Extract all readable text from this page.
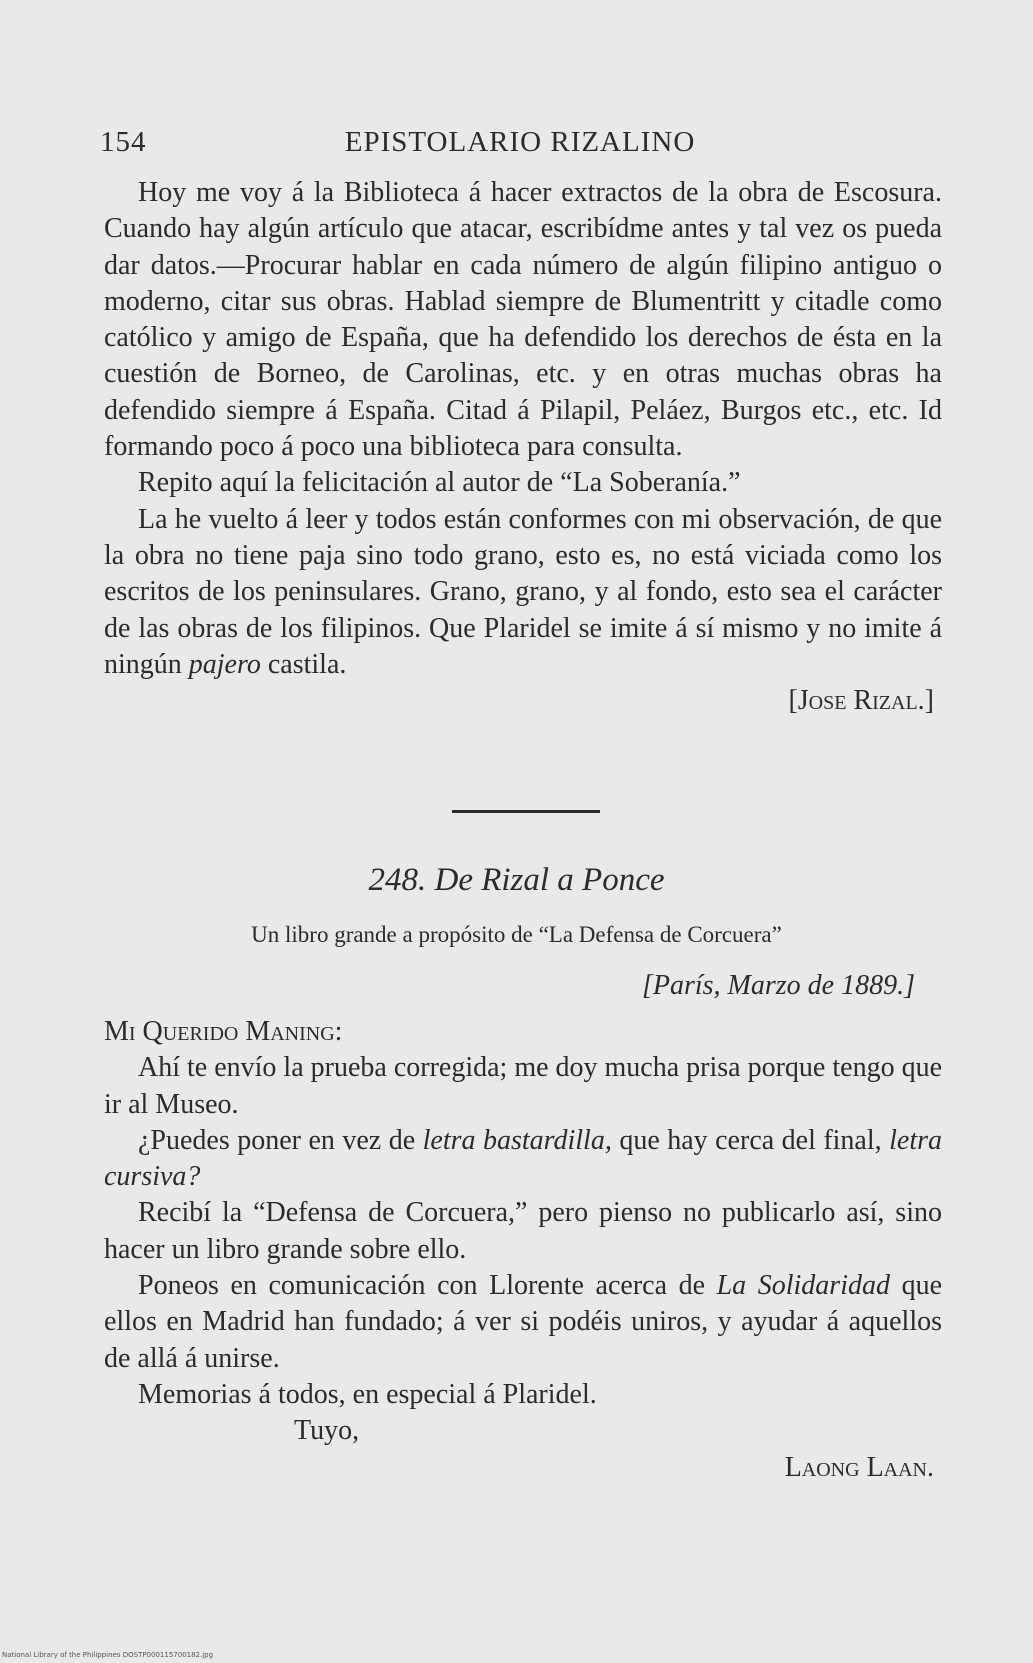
154	EPISTOLARIO RIZALINO

Hoy me voy á la Biblioteca á hacer extractos de la obra de Escosura. Cuando hay algún artículo que atacar, escribídme antes y tal vez os pueda dar datos.—Procurar hablar en cada número de algún filipino antiguo o moderno, citar sus obras. Hablad siempre de Blumentritt y citadle como católico y amigo de España, que ha defendido los derechos de ésta en la cuestión de Borneo, de Carolinas, etc. y en otras muchas obras ha defendido siempre á España. Citad á Pilapil, Peláez, Burgos etc., etc. Id formando poco á poco una biblioteca para consulta.

Repito aquí la felicitación al autor de “La Soberanía.”

La he vuelto á leer y todos están conformes con mi observación, de que la obra no tiene paja sino todo grano, esto es, no está viciada como los escritos de los peninsulares. Grano, grano, y al fondo, esto sea el carácter de las obras de los filipinos. Que Plaridel se imite á sí mismo y no imite á ningún pajero castila.

[Jose Rizal.]

248. De Rizal a Ponce
Un libro grande a propósito de “La Defensa de Corcuera”
[París, Marzo de 1889.]

Mi Querido Maning:

Ahí te envío la prueba corregida; me doy mucha prisa porque tengo que ir al Museo.

¿Puedes poner en vez de letra bastardilla, que hay cerca del final, letra cursiva?

Recibí la “Defensa de Corcuera,” pero pienso no publicarlo así, sino hacer un libro grande sobre ello.

Poneos en comunicación con Llorente acerca de La Solidaridad que ellos en Madrid han fundado; á ver si podéis uniros, y ayudar á aquellos de allá á unirse.

Memorias á todos, en especial á Plaridel.

Tuyo,

Laong Laan.

National Library of the Philippines DOSTP000115700182.jpg
